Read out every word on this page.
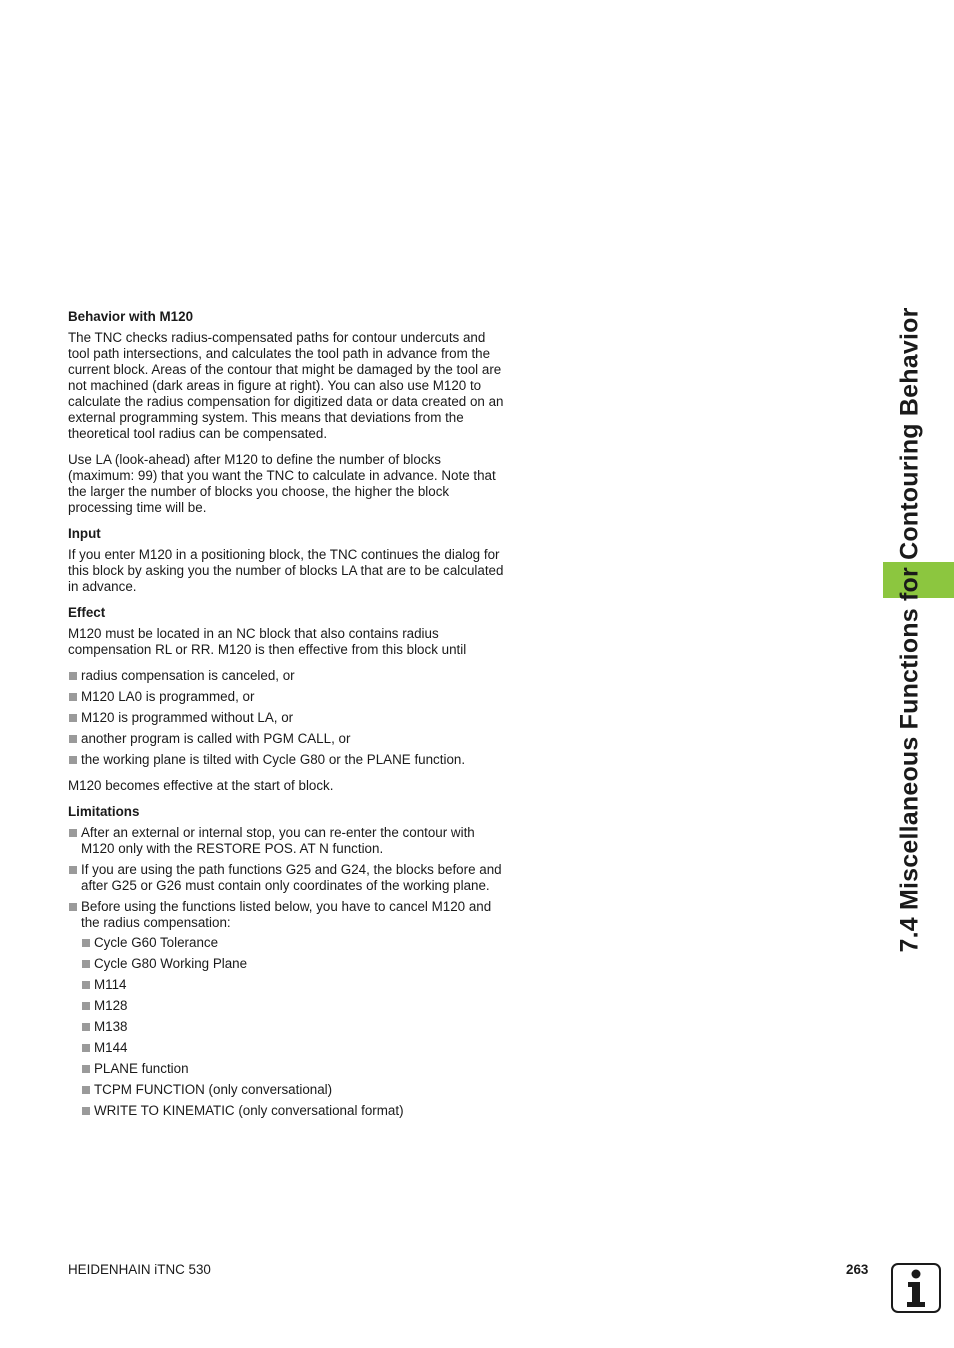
Behavior with M120

The TNC checks radius-compensated paths for contour undercuts and tool path intersections, and calculates the tool path in advance from the current block. Areas of the contour that might be damaged by the tool are not machined (dark areas in figure at right). You can also use M120 to calculate the radius compensation for digitized data or data created on an external programming system. This means that deviations from the theoretical tool radius can be compensated.

Use LA (look-ahead) after M120 to define the number of blocks (maximum: 99) that you want the TNC to calculate in advance. Note that the larger the number of blocks you choose, the higher the block processing time will be.

Input

If you enter M120 in a positioning block, the TNC continues the dialog for this block by asking you the number of blocks LA that are to be calculated in advance.

Effect

M120 must be located in an NC block that also contains radius compensation RL or RR. M120 is then effective from this block until

radius compensation is canceled, or
M120 LA0 is programmed, or
M120 is programmed without LA, or
another program is called with PGM CALL, or
the working plane is tilted with Cycle G80 or the PLANE function.

M120 becomes effective at the start of block.

Limitations
After an external or internal stop, you can re-enter the contour with M120 only with the RESTORE POS. AT N function.
If you are using the path functions G25 and G24, the blocks before and after G25 or G26 must contain only coordinates of the working plane.
Before using the functions listed below, you have to cancel M120 and the radius compensation:
Cycle G60 Tolerance
Cycle G80 Working Plane
M114
M128
M138
M144
PLANE function
TCPM FUNCTION (only conversational)
WRITE TO KINEMATIC (only conversational format)
7.4 Miscellaneous Functions for Contouring Behavior
HEIDENHAIN iTNC 530	263
